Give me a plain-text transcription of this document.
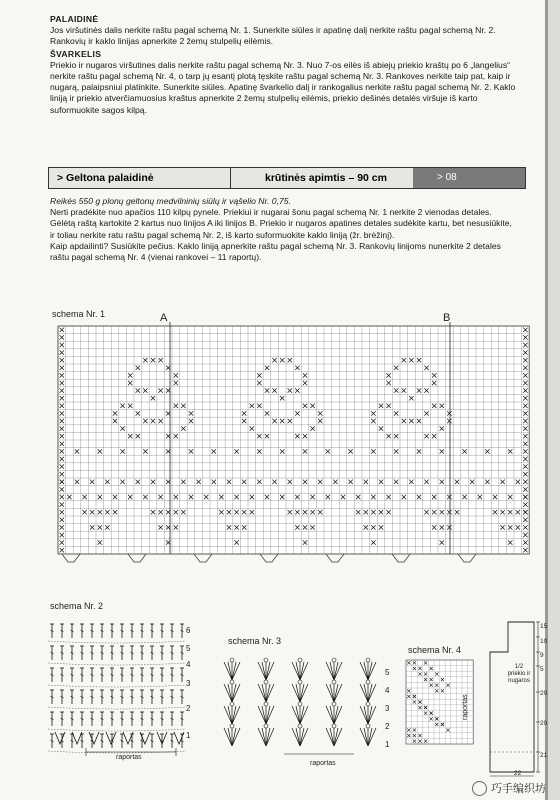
PALAIDINĖ

Jos viršutinės dalis nerkite raštu pagal schemą Nr. 1. Sunerkite siūles ir apatinę dalį nerkite raštu pagal schemą Nr. 2. Rankovių ir kaklo linijas apnerkite 2 žemų stulpelių eilėmis.

ŠVARKELIS

Priekio ir nugaros viršutines dalis nerkite raštu pagal schemą Nr. 3. Nuo 7-os eilės iš abiejų priekio kraštų po 6 „langelius“ nerkite raštu pagal schemą Nr. 4, o tarp jų esantį plotą tęskite raštu pagal schemą Nr. 3. Rankoves nerkite taip pat, kaip ir nugarą, palaipsniui platinkite. Sunerkite siūles. Apatinę švarkelio dalį ir rankogalius nerkite raštu pagal schemą Nr. 2. Kaklo liniją ir priekio atverčiamuosius kraštus apnerkite 2 žemų stulpelių eilėmis, priekio dešinės detalės viršuje iš karto suformuokite sagos kilpą.

> Geltona palaidinė	krūtinės apimtis – 90 cm	> 08

Reikės 550 g plonų geltonų medvilninių siūlų ir vąšelio Nr. 0,75.

Nerti pradėkite nuo apačios 110 kilpų pynele. Priekiui ir nugarai šonu pagal schemą Nr. 1 nerkite 2 vienodas detales. Gėlėtą raštą kartokite 2 kartus nuo linijos A iki linijos B. Priekio ir nugaros apatines detales sudėkite kartu, bet nesusiūkite, ir toliau nerkite ratu raštu pagal schemą Nr. 2, iš karto suformuokite kaklo liniją (žr. brėžinį).

Kaip apdailinti? Susiūkite pečius. Kaklo liniją apnerkite raštu pagal schemą Nr. 3. Rankovių linijoms nunerkite 2 detales raštu pagal schemą Nr. 4 (vienai rankovei – 11 raportų).

schema Nr. 1	A	B
schema Nr. 2
6
5
4
3
2
1
raportas
schema Nr. 3
5
4
3
2
1
raportas
schema Nr. 4
raportas
1/2 priekio ir nugaros
15
10
9
5
20
20
21
22
巧手编织坊
